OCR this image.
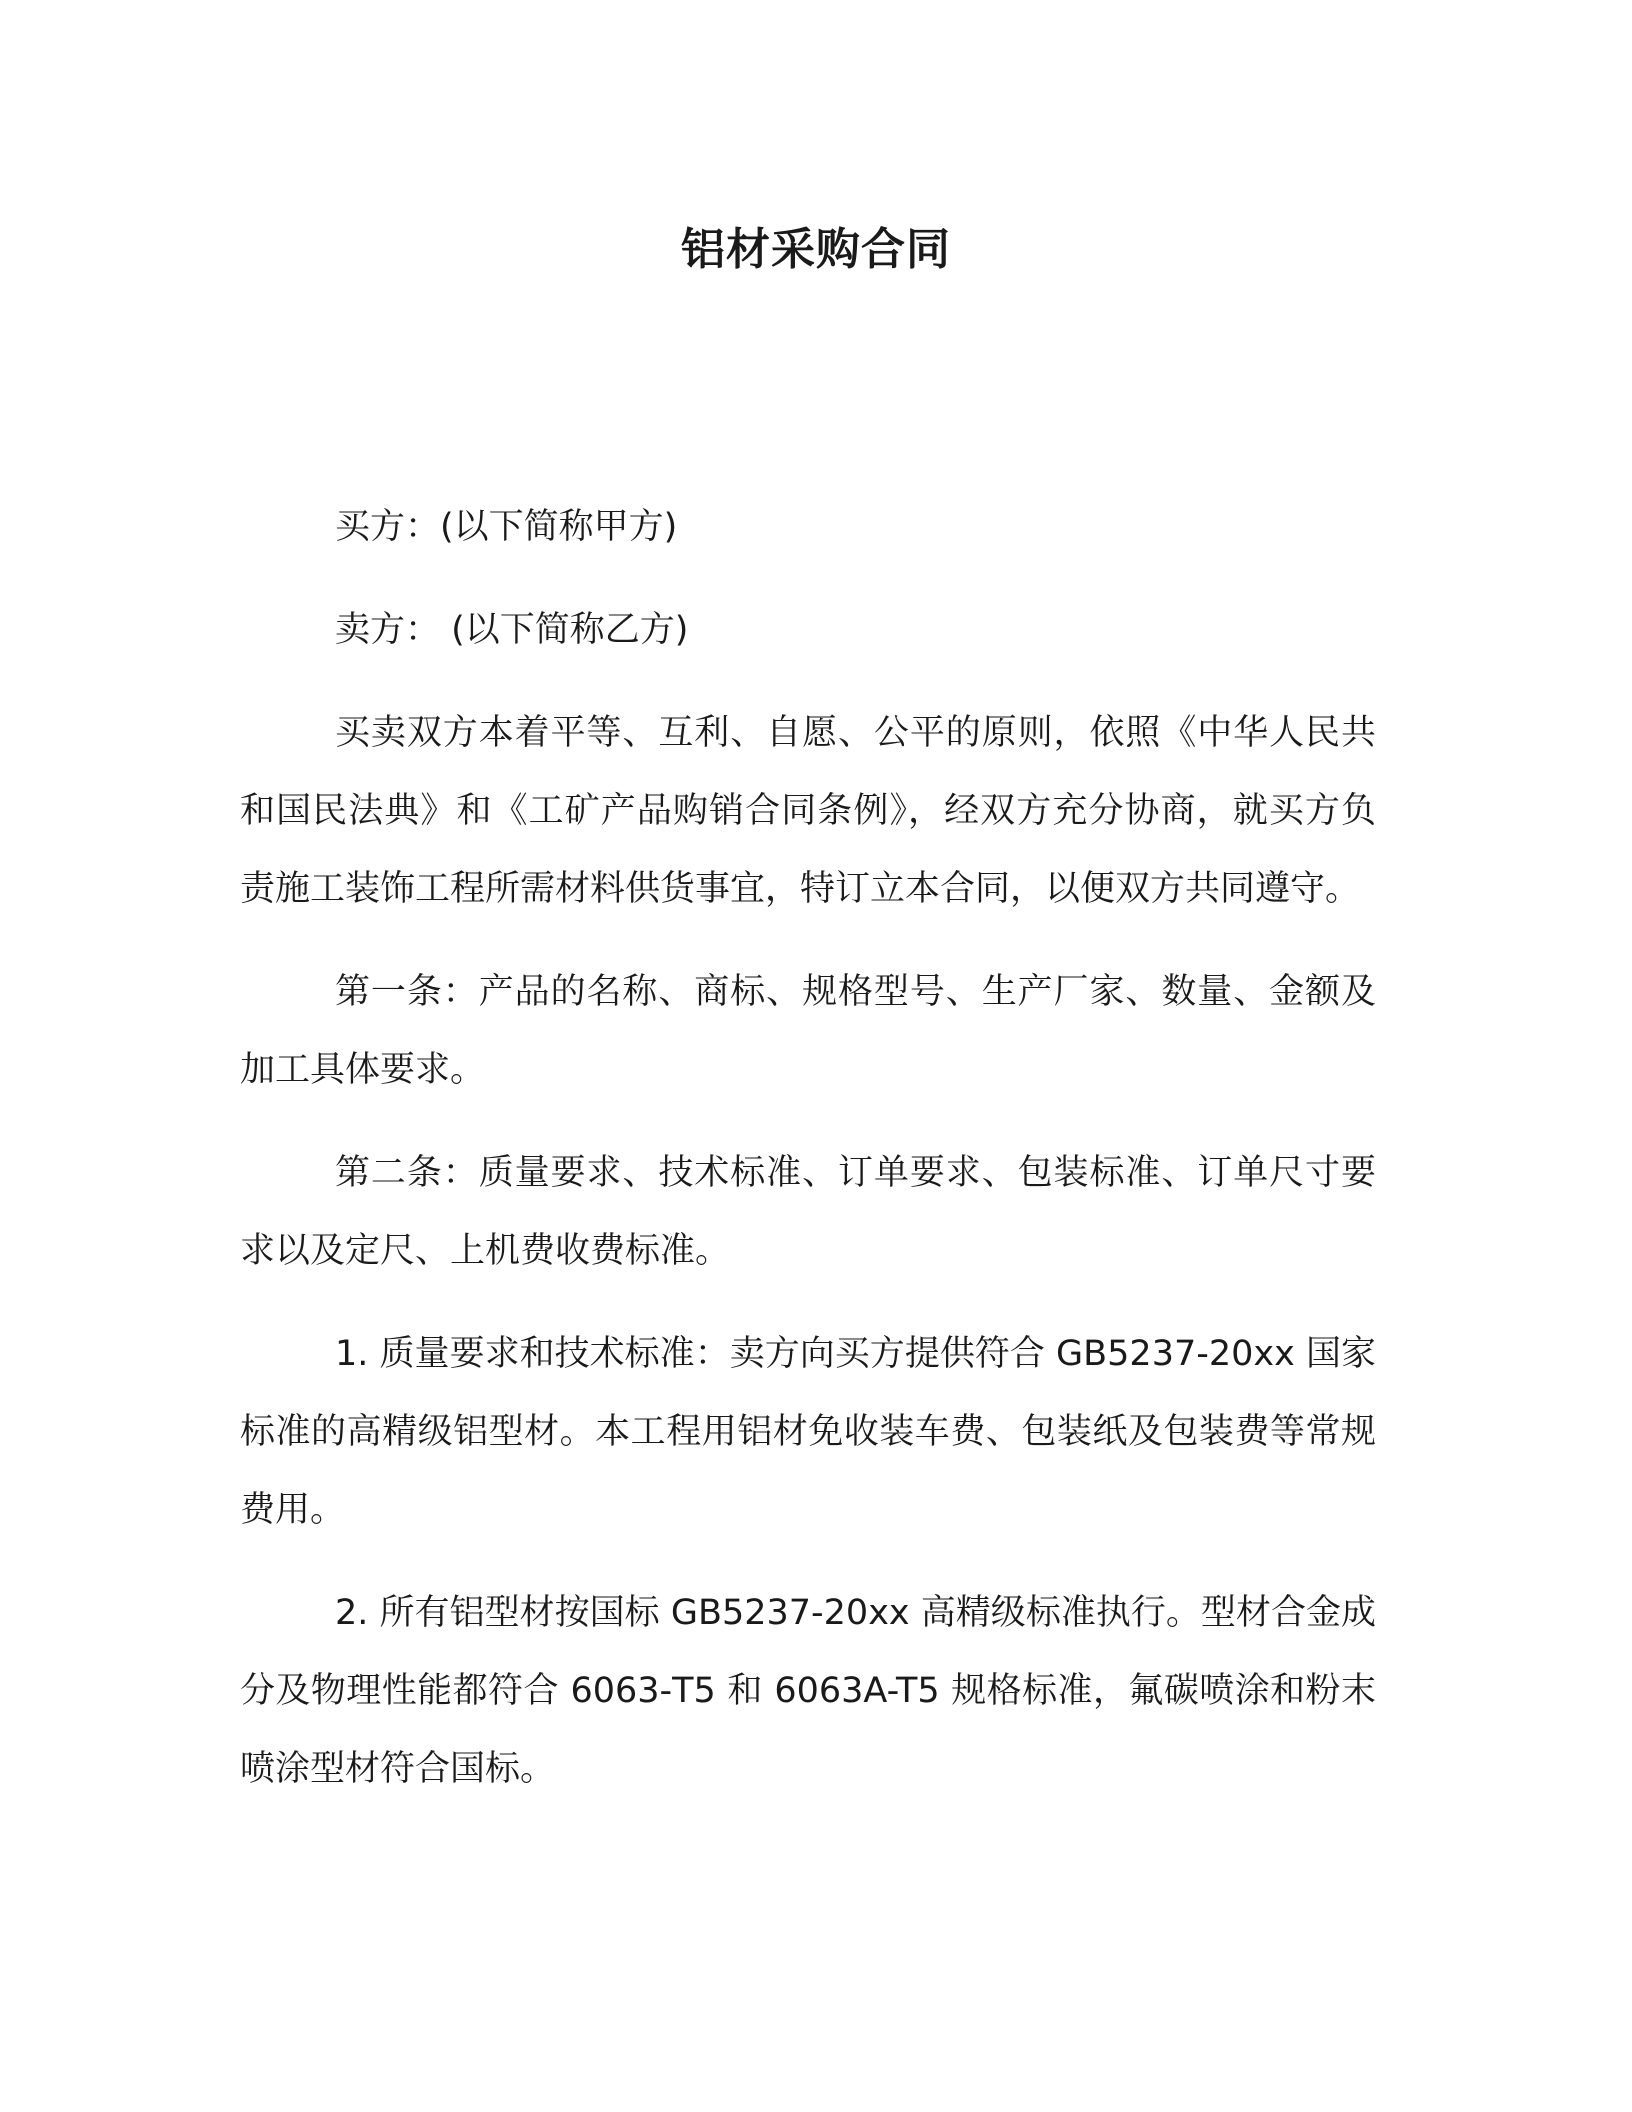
铝材采购合同

买方：(以下简称甲方)

卖方： (以下简称乙方)

买卖双方本着平等、互利、自愿、公平的原则，依照《中华人民共和国民法典》和《工矿产品购销合同条例》，经双方充分协商，就买方负责施工装饰工程所需材料供货事宜，特订立本合同，以便双方共同遵守。

第一条：产品的名称、商标、规格型号、生产厂家、数量、金额及加工具体要求。

第二条：质量要求、技术标准、订单要求、包装标准、订单尺寸要求以及定尺、上机费收费标准。

1. 质量要求和技术标准：卖方向买方提供符合 GB5237-20xx 国家标准的高精级铝型材。本工程用铝材免收装车费、包装纸及包装费等常规费用。

2. 所有铝型材按国标 GB5237-20xx 高精级标准执行。型材合金成分及物理性能都符合 6063-T5 和 6063A-T5 规格标准，氟碳喷涂和粉末喷涂型材符合国标。
